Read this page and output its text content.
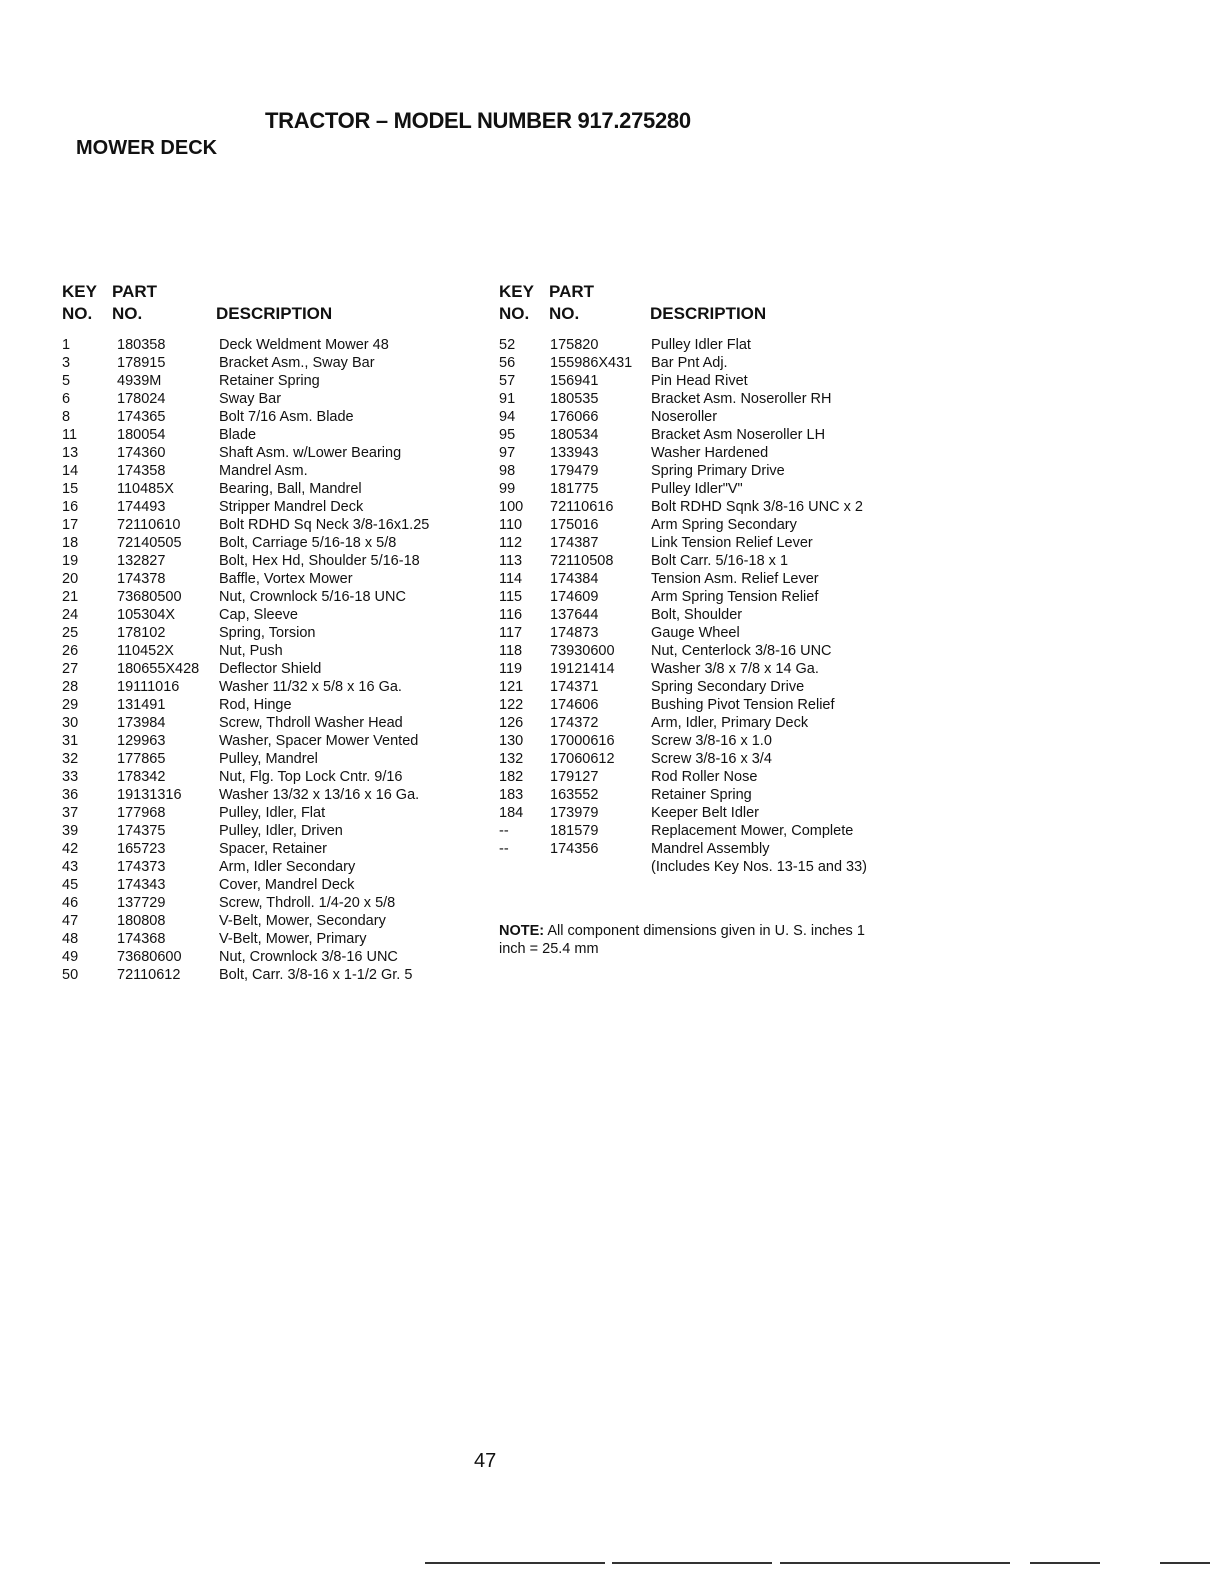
TRACTOR – MODEL NUMBER 917.275280
MOWER DECK
KEY
NO.
PART
NO.	DESCRIPTION
1	180358	Deck Weldment Mower 48
3	178915	Bracket Asm., Sway Bar
5	4939M	Retainer Spring
6	178024	Sway Bar
8	174365	Bolt 7/16 Asm. Blade
11	180054	Blade
13	174360	Shaft Asm. w/Lower Bearing
14	174358	Mandrel Asm.
15	110485X	Bearing, Ball, Mandrel
16	174493	Stripper Mandrel Deck
17	72110610	Bolt RDHD Sq Neck 3/8-16x1.25
18	72140505	Bolt, Carriage 5/16-18 x 5/8
19	132827	Bolt, Hex Hd, Shoulder 5/16-18
20	174378	Baffle, Vortex Mower
21	73680500	Nut, Crownlock 5/16-18 UNC
24	105304X	Cap, Sleeve
25	178102	Spring, Torsion
26	110452X	Nut, Push
27	180655X428 Deflector Shield
28	19111016	Washer 11/32 x 5/8 x 16 Ga.
29	131491	Rod, Hinge
30	173984	Screw, Thdroll Washer Head
31	129963	Washer, Spacer Mower Vented
32	177865	Pulley, Mandrel
33	178342	Nut, Flg. Top Lock Cntr. 9/16
36	19131316	Washer 13/32 x 13/16 x 16 Ga.
37	177968	Pulley, Idler, Flat
39	174375	Pulley, Idler, Driven
42	165723	Spacer, Retainer
43	174373	Arm, Idler Secondary
45	174343	Cover, Mandrel Deck
46	137729	Screw, Thdroll. 1/4-20 x 5/8
47	180808	V-Belt, Mower, Secondary
48	174368	V-Belt, Mower, Primary
49	73680600	Nut, Crownlock 3/8-16 UNC
50	72110612	Bolt, Carr. 3/8-16 x 1-1/2 Gr. 5
KEY
NO.
PART
NO.	DESCRIPTION
52 175820	Pulley Idler Flat
56 155986X431 Bar Pnt Adj.
57 156941	Pin Head Rivet
91 180535	Bracket Asm. Noseroller RH
94 176066	Noseroller
95 180534	Bracket Asm Noseroller LH
97 133943	Washer Hardened
98 179479	Spring Primary Drive
99 181775	Pulley Idler"V"
100 72110616	Bolt RDHD Sqnk 3/8-16 UNC x 2
110 175016	Arm Spring Secondary
112 174387	Link Tension Relief Lever
113 72110508	Bolt Carr. 5/16-18 x 1
114 174384	Tension Asm. Relief Lever
115 174609	Arm Spring Tension Relief
116 137644	Bolt, Shoulder
117 174873	Gauge Wheel
118 73930600	Nut, Centerlock 3/8-16 UNC
119 19121414	Washer 3/8 x 7/8 x 14 Ga.
121 174371	Spring Secondary Drive
122 174606	Bushing Pivot Tension Relief
126 174372	Arm, Idler, Primary Deck
130 17000616	Screw 3/8-16 x 1.0
132 17060612	Screw 3/8-16 x 3/4
182 179127	Rod Roller Nose
183 163552	Retainer Spring
184 173979	Keeper Belt Idler
--	181579	Replacement Mower, Complete
--	174356	Mandrel Assembly
(Includes Key Nos. 13-15 and 33)
NOTE: All component dimensions given in U. S. inches 1 inch = 25.4 mm
47
